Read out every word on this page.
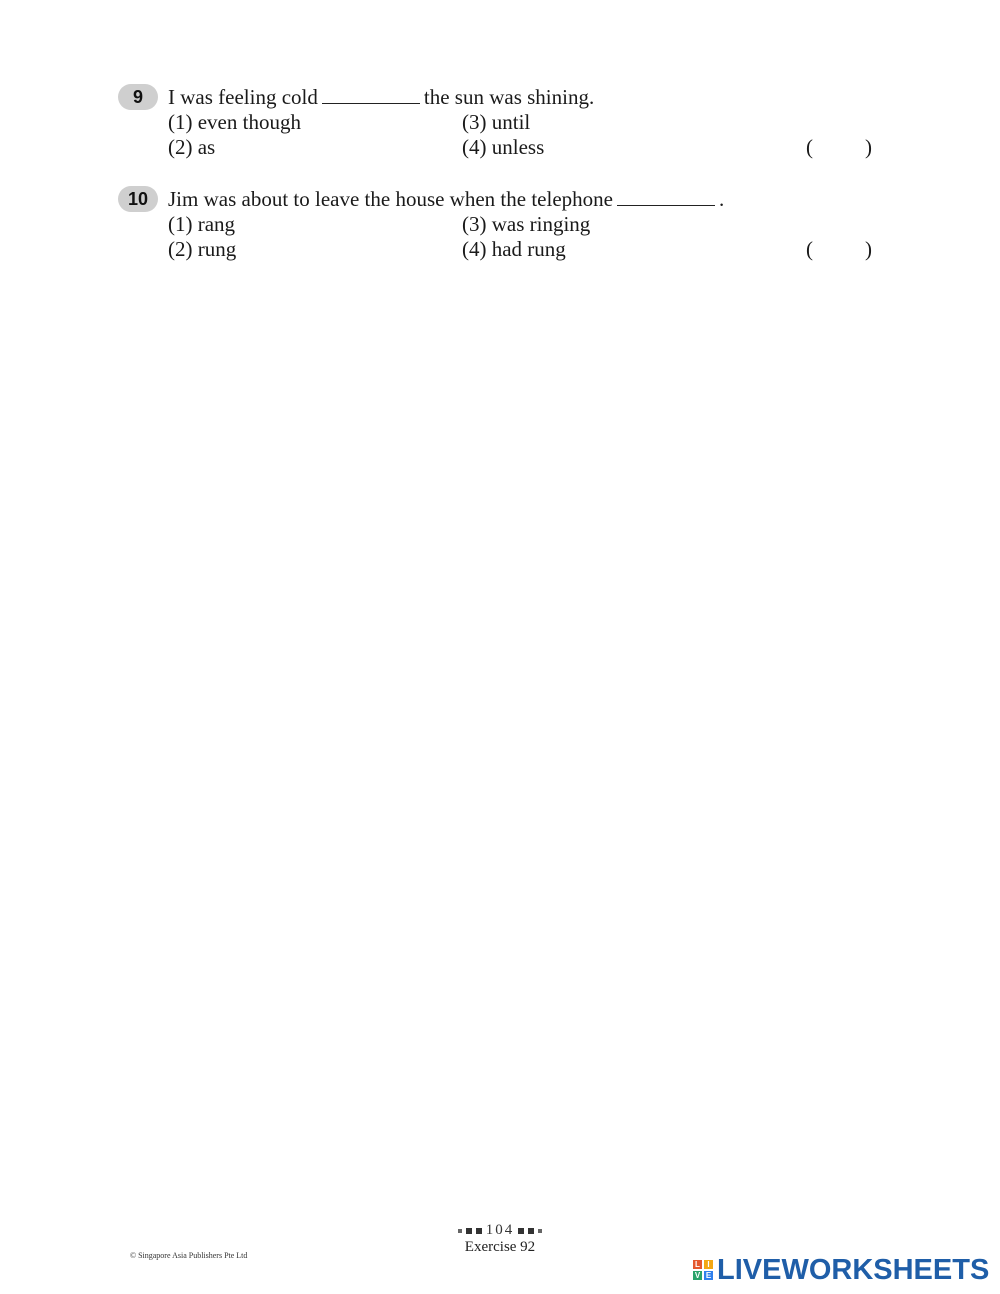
9	I was feeling cold	the sun was shining.
(1) even though
(2) as
(3) until
(4) unless	( )
10 Jim was about to leave the house when the telephone	.
(1) rang
(2) rung
(3) was ringing
(4) had rung	( )
104
Exercise 92
© Singapore Asia Publishers Pte Ltd
L I
V E LIVEWORKSHEETS
